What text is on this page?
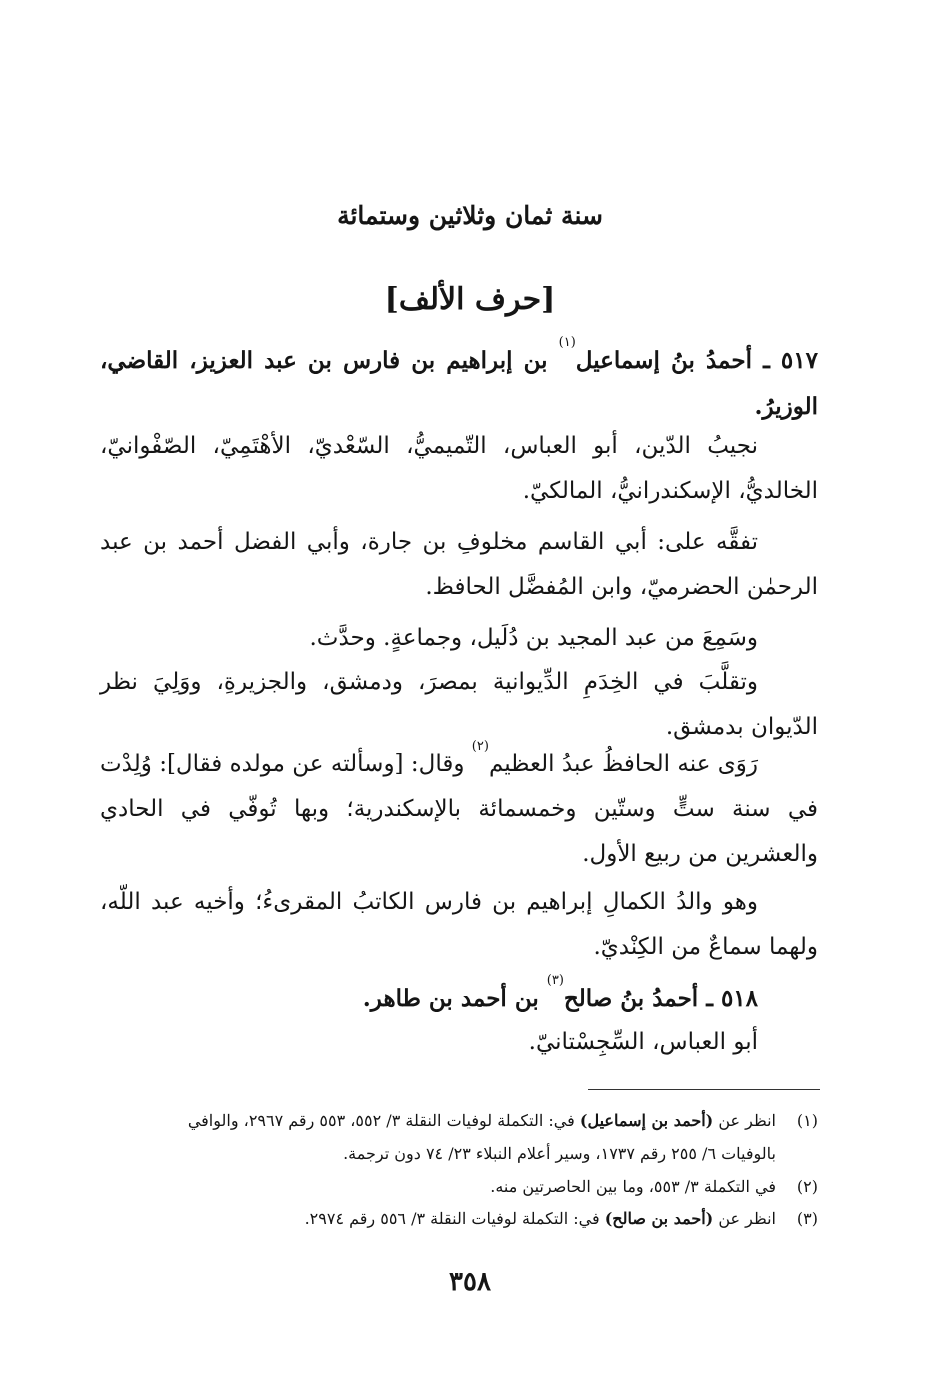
سنة ثمان وثلاثين وستمائة
[حرف الألف]
٥١٧ ـ أحمدُ بنُ إسماعيل$^{(١)}$ بن إبراهيم بن فارس بن عبد العزيز، القاضي، الوزيرُ.
نجيبُ الدّين، أبو العباس، التّميميُّ، السّعْديّ، الأهْتَمِيّ، الصّفْوانيّ، الخالديُّ، الإسكندرانيُّ، المالكيّ.
تفقَّه على: أبي القاسم مخلوفِ بن جارة، وأبي الفضل أحمد بن عبد الرحمٰن الحضرميّ، وابن المُفضَّل الحافظ.
وسَمِعَ من عبد المجيد بن دُلَيل، وجماعةٍ. وحدَّث.
وتقلَّبَ في الخِدَمِ الدِّيوانية بمصرَ، ودمشق، والجزيرةِ، ووَلِيَ نظر الدّيوان بدمشق.
رَوَى عنه الحافظُ عبدُ العظيم$^{(٢)}$ وقال: [وسألته عن مولده فقال]: وُلِدْت في سنة ستٍّ وستّين وخمسمائة بالإسكندرية؛ وبها تُوفّي في الحادي والعشرين من ربيع الأول.
وهو والدُ الكمالِ إبراهيم بن فارس الكاتبُ المقرىءُ؛ وأخيه عبد اللّه، ولهما سماعٌ من الكِنْديّ.
٥١٨ ـ أحمدُ بنُ صالح$^{(٣)}$ بن أحمد بن طاهر.
أبو العباس، السِّجِسْتانيّ.
(١)انظر عن (أحمد بن إسماعيل) في: التكملة لوفيات النقلة ٣/ ٥٥٢، ٥٥٣ رقم ٢٩٦٧، والوافي
بالوفيات ٦/ ٢٥٥ رقم ١٧٣٧، وسير أعلام النبلاء ٢٣/ ٧٤ دون ترجمة.
(٢)في التكملة ٣/ ٥٥٣، وما بين الحاصرتين منه.
(٣)انظر عن (أحمد بن صالح) في: التكملة لوفيات النقلة ٣/ ٥٥٦ رقم ٢٩٧٤.
٣٥٨
